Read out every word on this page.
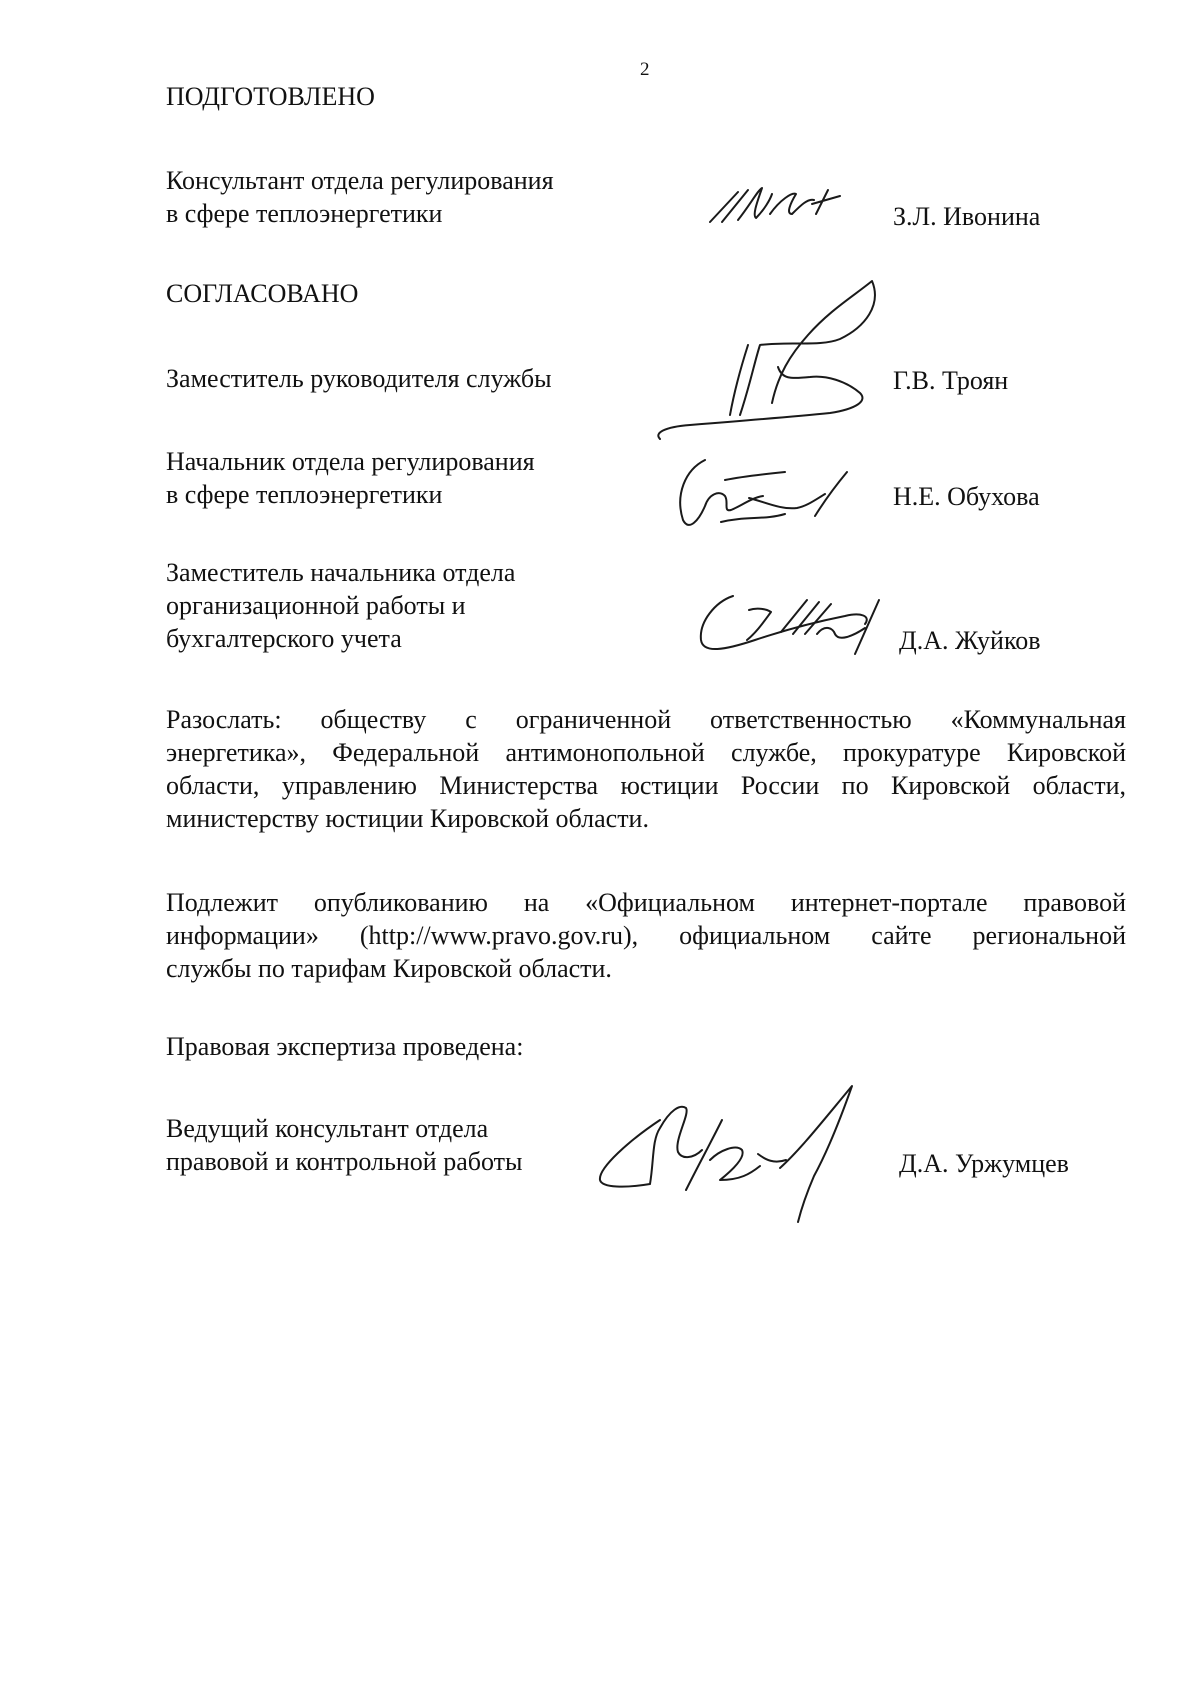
2
ПОДГОТОВЛЕНО
Консультант отдела регулирования
в сфере теплоэнергетики	З.Л. Ивонина
СОГЛАСОВАНО
Заместитель руководителя службы	Г.В. Троян
Начальник отдела регулирования
в сфере теплоэнергетики	Н.Е. Обухова
Заместитель начальника отдела
организационной работы и
бухгалтерского учета	Д.А. Жуйков
Разослать: обществу с ограниченной ответственностью «Коммунальная
энергетика», Федеральной антимонопольной службе, прокуратуре Кировской
области, управлению Министерства юстиции России по Кировской области,
министерству юстиции Кировской области.
Подлежит опубликованию на «Официальном интернет-портале правовой
информации» (http://www.pravo.gov.ru), официальном сайте региональной
службы по тарифам Кировской области.
Правовая экспертиза проведена:
Ведущий консультант отдела
правовой и контрольной работы	Д.А. Уржумцев
